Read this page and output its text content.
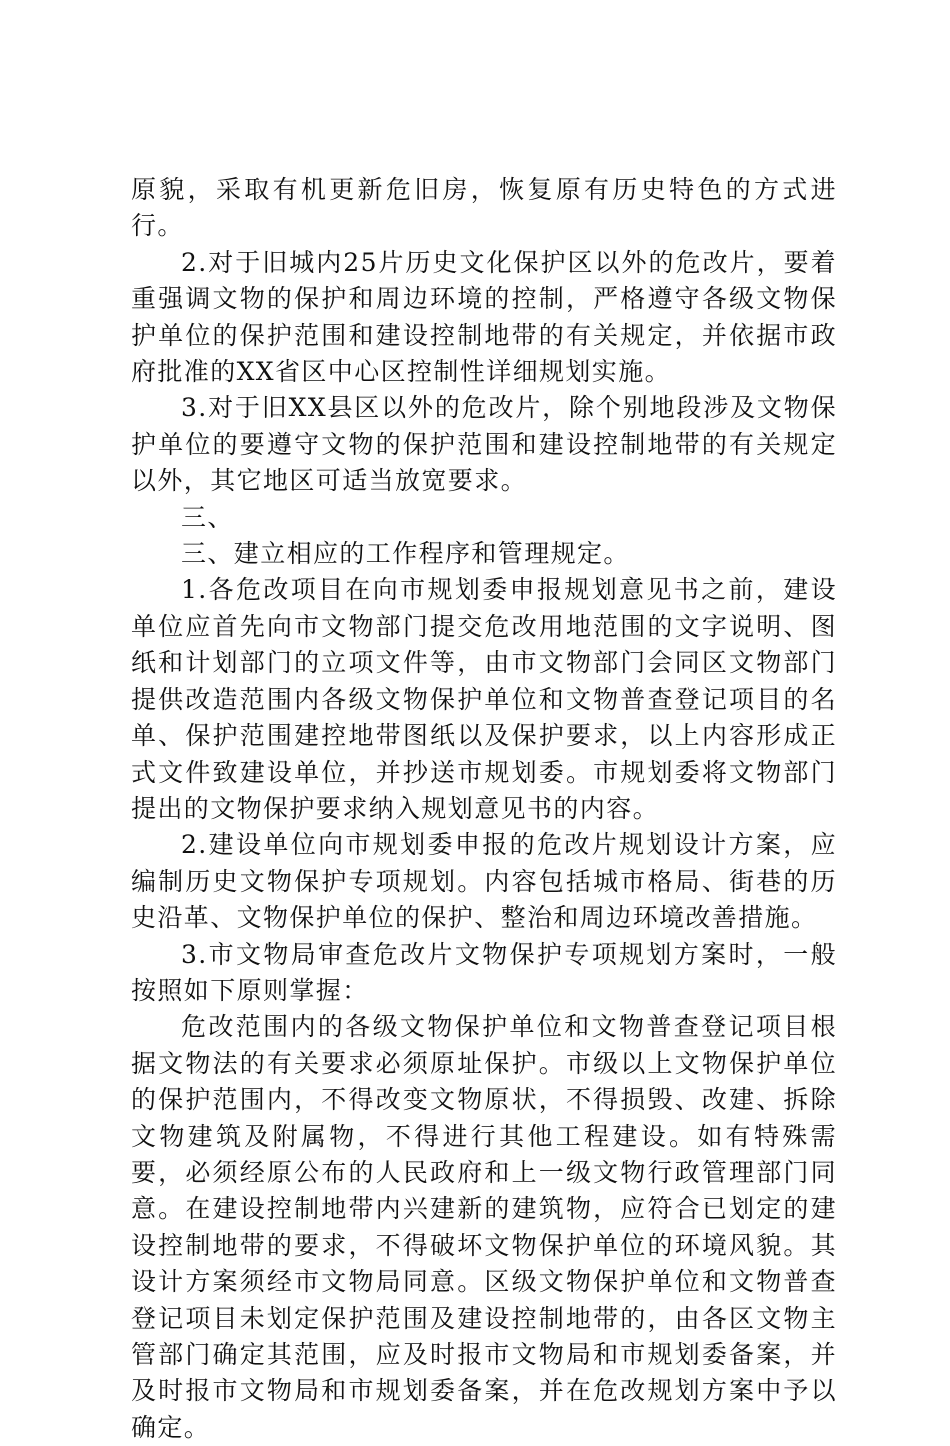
原貌，采取有机更新危旧房，恢复原有历史特色的方式进行。

2.对于旧城内25片历史文化保护区以外的危改片，要着重强调文物的保护和周边环境的控制，严格遵守各级文物保护单位的保护范围和建设控制地带的有关规定，并依据市政府批准的XX省区中心区控制性详细规划实施。

3.对于旧XX县区以外的危改片，除个别地段涉及文物保护单位的要遵守文物的保护范围和建设控制地带的有关规定以外，其它地区可适当放宽要求。

三、

三、建立相应的工作程序和管理规定。

1.各危改项目在向市规划委申报规划意见书之前，建设单位应首先向市文物部门提交危改用地范围的文字说明、图纸和计划部门的立项文件等，由市文物部门会同区文物部门提供改造范围内各级文物保护单位和文物普查登记项目的名单、保护范围建控地带图纸以及保护要求，以上内容形成正式文件致建设单位，并抄送市规划委。市规划委将文物部门提出的文物保护要求纳入规划意见书的内容。

2.建设单位向市规划委申报的危改片规划设计方案，应编制历史文物保护专项规划。内容包括城市格局、街巷的历史沿革、文物保护单位的保护、整治和周边环境改善措施。

3.市文物局审查危改片文物保护专项规划方案时，一般按照如下原则掌握：

危改范围内的各级文物保护单位和文物普查登记项目根据文物法的有关要求必须原址保护。市级以上文物保护单位的保护范围内，不得改变文物原状，不得损毁、改建、拆除文物建筑及附属物，不得进行其他工程建设。如有特殊需要，必须经原公布的人民政府和上一级文物行政管理部门同意。在建设控制地带内兴建新的建筑物，应符合已划定的建设控制地带的要求，不得破坏文物保护单位的环境风貌。其设计方案须经市文物局同意。区级文物保护单位和文物普查登记项目未划定保护范围及建设控制地带的，由各区文物主管部门确定其范围，应及时报市文物局和市规划委备案，并及时报市文物局和市规划委备案，并在危改规划方案中予以确定。
